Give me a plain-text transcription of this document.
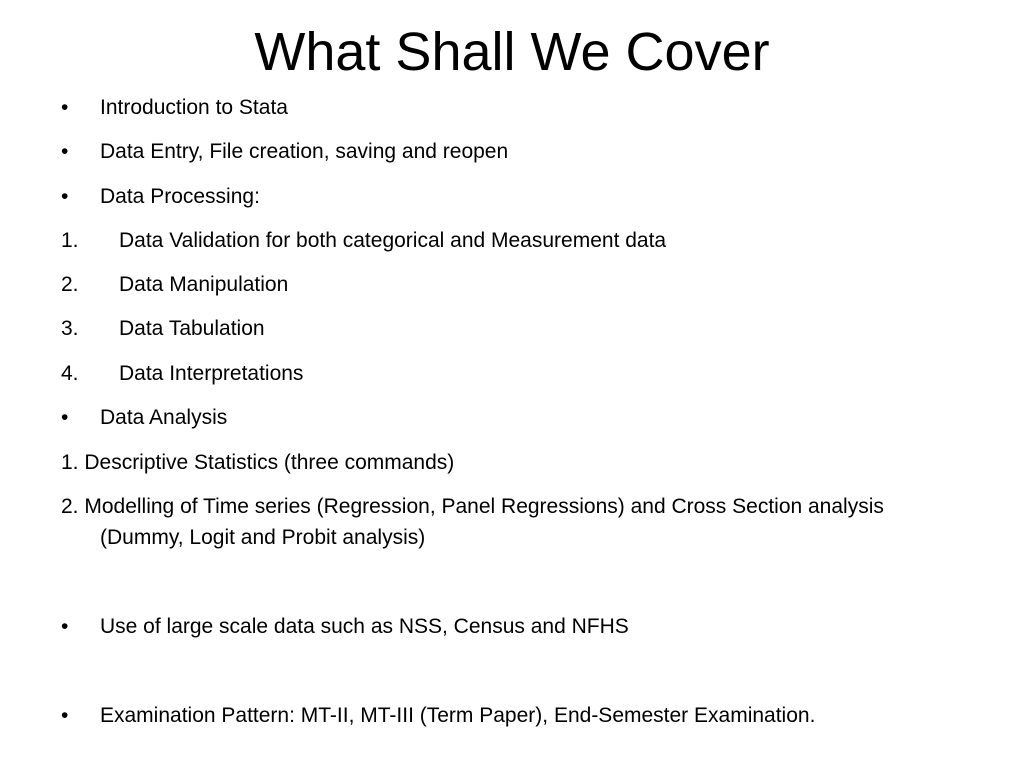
What Shall We Cover
• Introduction to Stata
• Data Entry, File creation, saving and reopen
• Data Processing:
1. Data Validation for both categorical and Measurement data
2. Data Manipulation
3. Data Tabulation
4. Data Interpretations
• Data Analysis
1. Descriptive Statistics (three commands)
2. Modelling of Time series (Regression, Panel Regressions) and Cross Section analysis
(Dummy, Logit and Probit analysis)
• Use of large scale data such as NSS, Census and NFHS
• Examination Pattern: MT-II, MT-III (Term Paper), End-Semester Examination.
